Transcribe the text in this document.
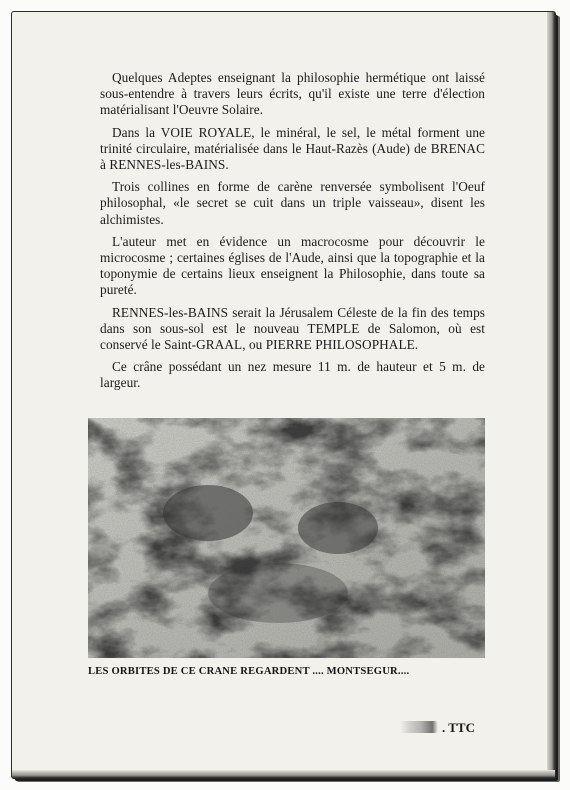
Quelques Adeptes enseignant la philosophie hermétique ont laissé sous-entendre à travers leurs écrits, qu'il existe une terre d'élection matérialisant l'Oeuvre Solaire.

Dans la VOIE ROYALE, le minéral, le sel, le métal forment une trinité circulaire, matérialisée dans le Haut-Razès (Aude) de BRENAC à RENNES-les-BAINS.

Trois collines en forme de carène renversée symbolisent l'Oeuf philosophal, «le secret se cuit dans un triple vaisseau», disent les alchimistes.

L'auteur met en évidence un macrocosme pour découvrir le microcosme ; certaines églises de l'Aude, ainsi que la topographie et la toponymie de certains lieux enseignent la Philosophie, dans toute sa pureté.

RENNES-les-BAINS serait la Jérusalem Céleste de la fin des temps dans son sous-sol est le nouveau TEMPLE de Salomon, où est conservé le Saint-GRAAL, ou PIERRE PHILOSOPHALE.

Ce crâne possédant un nez mesure 11 m. de hauteur et 5 m. de largeur.

LES ORBITES DE CE CRANE REGARDENT .... MONTSEGUR....
. TTC
